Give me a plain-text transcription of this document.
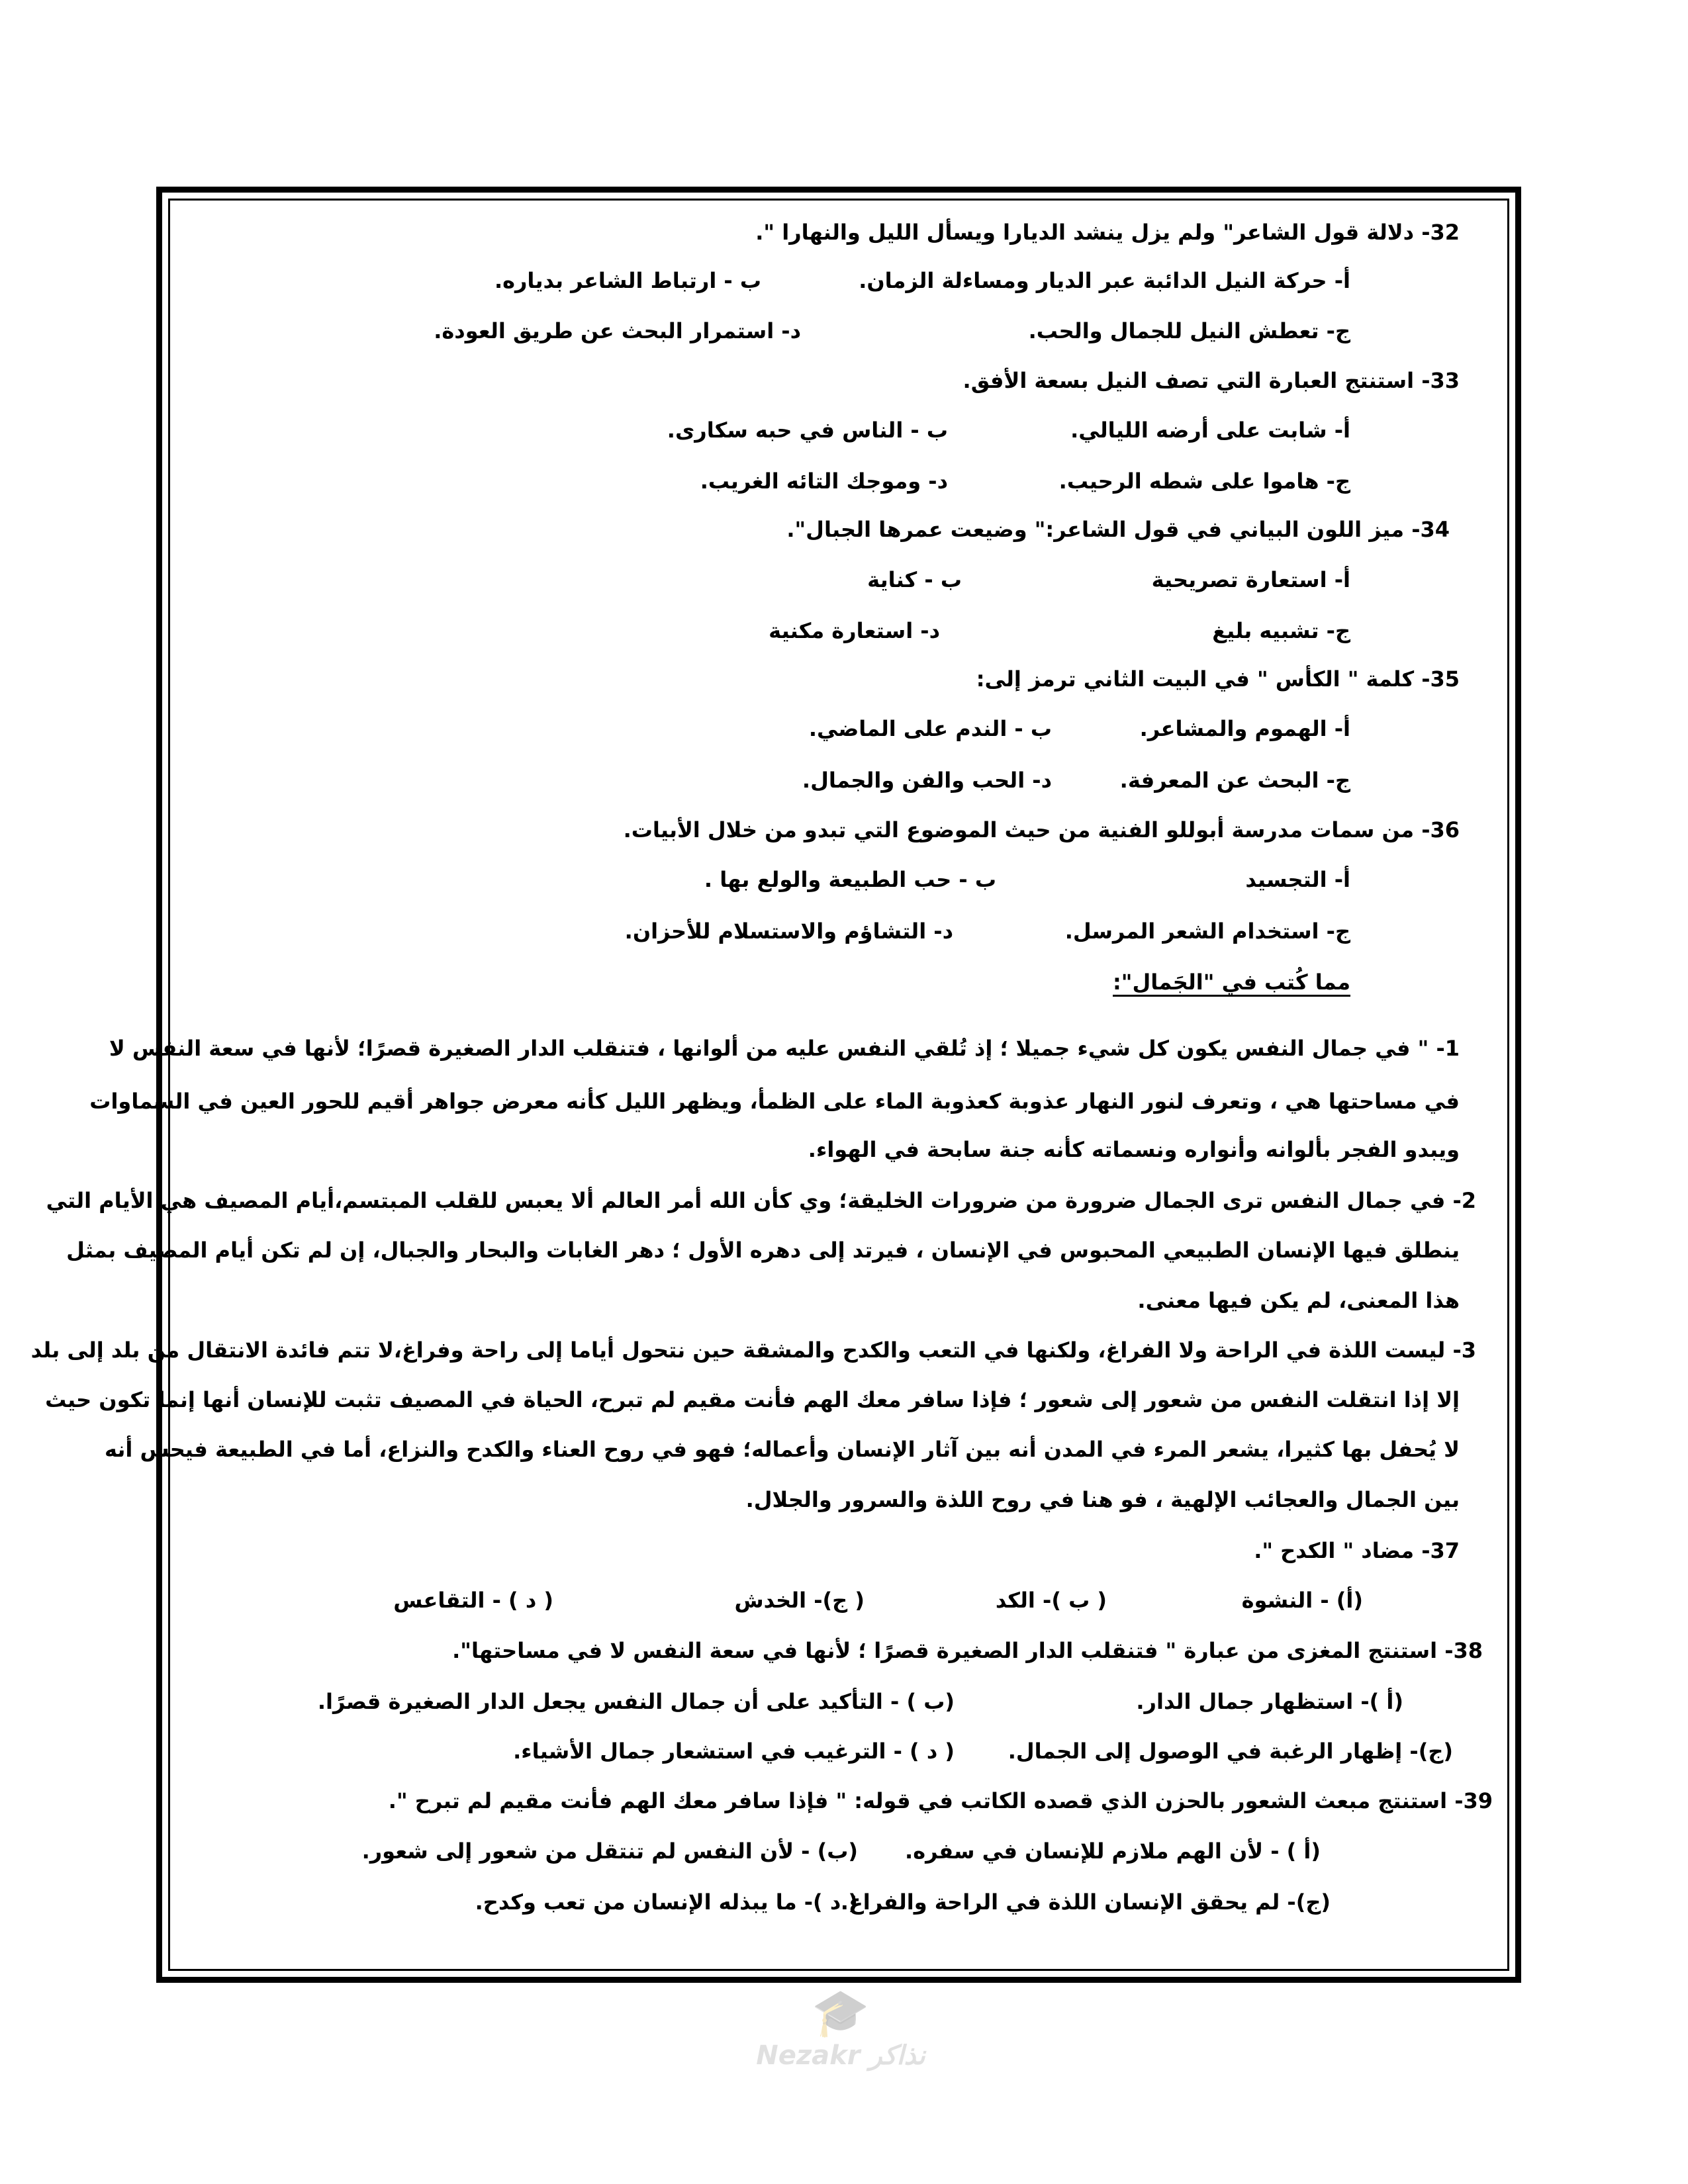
32- دلالة قول الشاعر" ولم يزل ينشد الديارا ويسأل الليل والنهارا ".
أ- حركة النيل الدائبة عبر الديار ومساءلة الزمان.
ب - ارتباط الشاعر بدياره.
ج- تعطش النيل للجمال والحب.
د- استمرار البحث عن طريق العودة.
33- استنتج العبارة التي تصف النيل بسعة الأفق.
أ- شابت على أرضه الليالي.
ب - الناس في حبه سكارى.
ج- هاموا على شطه الرحيب.
د- وموجك التائه الغريب.
34- ميز اللون البياني في قول الشاعر:" وضيعت عمرها الجبال".
أ- استعارة تصريحية
ب - كناية
ج- تشبيه بليغ
د- استعارة مكنية
35- كلمة " الكأس " في البيت الثاني ترمز إلى:
أ- الهموم والمشاعر.
ب - الندم على الماضي.
ج- البحث عن المعرفة.
د- الحب والفن والجمال.
36- من سمات مدرسة أبوللو الفنية من حيث الموضوع التي تبدو من خلال الأبيات.
أ- التجسيد
ب - حب الطبيعة والولع بها .
ج- استخدام الشعر المرسل.
د- التشاؤم والاستسلام للأحزان.
مما كُتب في "الجَمال":
1- " في جمال النفس يكون كل شيء جميلا ؛ إذ تُلقي النفس عليه من ألوانها ، فتنقلب الدار الصغيرة قصرًا؛ لأنها في سعة النفس لا
في مساحتها هي ، وتعرف لنور النهار عذوبة كعذوبة الماء على الظمأ، ويظهر الليل كأنه معرض جواهر أقيم للحور العين في السماوات
ويبدو الفجر بألوانه وأنواره ونسماته كأنه جنة سابحة في الهواء.
2- في جمال النفس ترى الجمال ضرورة من ضرورات الخليقة؛ وي كأن الله أمر العالم ألا يعبس للقلب المبتسم،أيام المصيف هي الأيام التي
ينطلق فيها الإنسان الطبيعي المحبوس في الإنسان ، فيرتد إلى دهره الأول ؛ دهر الغابات والبحار والجبال، إن لم تكن أيام المصيف بمثل
هذا المعنى، لم يكن فيها معنى.
3- ليست اللذة في الراحة ولا الفراغ، ولكنها في التعب والكدح والمشقة حين نتحول أياما إلى راحة وفراغ،لا تتم فائدة الانتقال من بلد إلى بلد
إلا إذا انتقلت النفس من شعور إلى شعور ؛ فإذا سافر معك الهم فأنت مقيم لم تبرح، الحياة في المصيف تثبت للإنسان أنها إنما تكون حيث
لا يُحفل بها كثيرا، يشعر المرء في المدن أنه بين آثار الإنسان وأعماله؛ فهو في روح العناء والكدح والنزاع، أما في الطبيعة فيحس أنه
بين الجمال والعجائب الإلهية ، فو هنا في روح اللذة والسرور والجلال.
37- مضاد " الكدح ".
(أ) - النشوة
( ب )- الكد
( ج)- الخدش
( د ) - التقاعس
38- استنتج المغزى من عبارة " فتنقلب الدار الصغيرة قصرًا ؛ لأنها في سعة النفس لا في مساحتها".
(أ )- استظهار جمال الدار.
(ب ) - التأكيد على أن جمال النفس يجعل الدار الصغيرة قصرًا.
(ج)- إظهار الرغبة في الوصول إلى الجمال.
( د ) - الترغيب في استشعار جمال الأشياء.
39- استنتج مبعث الشعور بالحزن الذي قصده الكاتب في قوله: " فإذا سافر معك الهم فأنت مقيم لم تبرح ".
(أ ) - لأن الهم ملازم للإنسان في سفره.
(ب) - لأن النفس لم تنتقل من شعور إلى شعور.
(ج)- لم يحقق الإنسان اللذة في الراحة والفراغ.
( د )- ما يبذله الإنسان من تعب وكدح.
🎓
Nezakr نذاكر
